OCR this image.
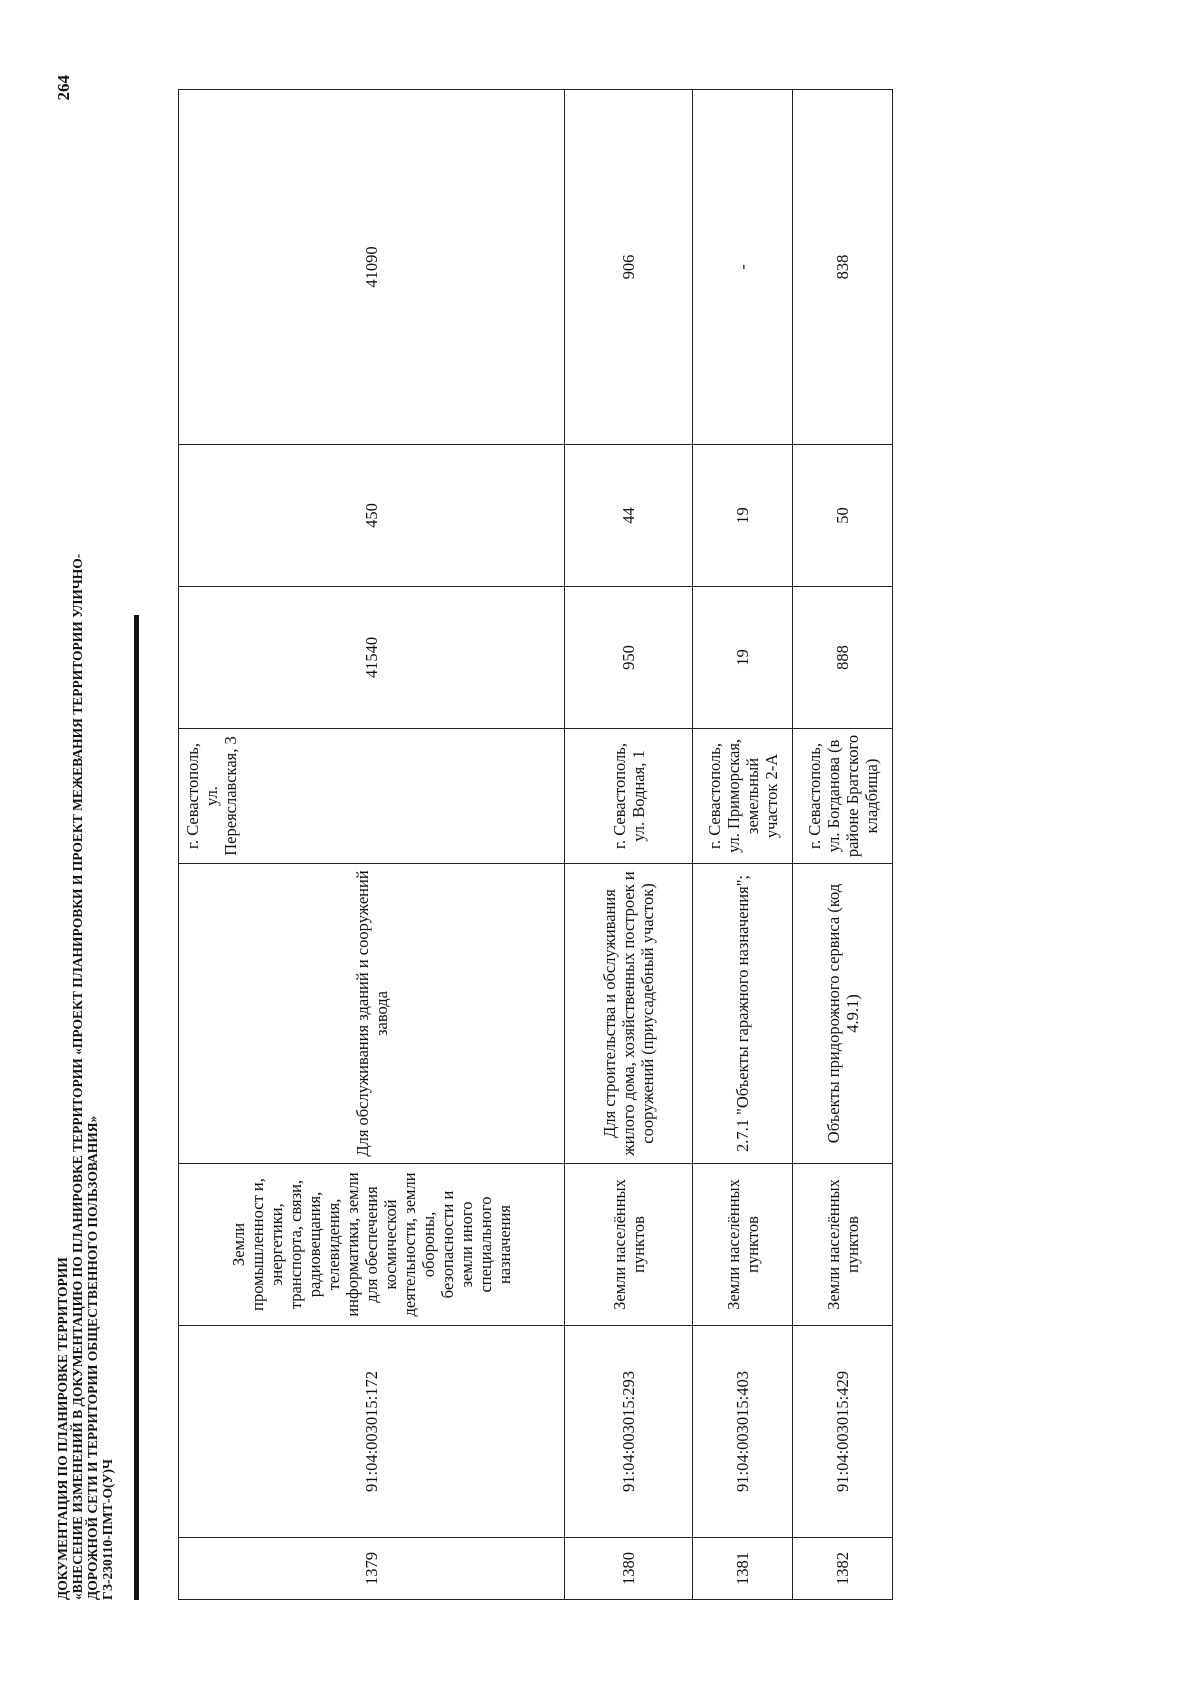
ДОКУМЕНТАЦИЯ ПО ПЛАНИРОВКЕ ТЕРРИТОРИИ «ВНЕСЕНИЕ ИЗМЕНЕНИЙ В ДОКУМЕНТАЦИЮ ПО ПЛАНИРОВКЕ ТЕРРИТОРИИ «ПРОЕКТ ПЛАНИРОВКИ И ПРОЕКТ МЕЖЕВАНИЯ ТЕРРИТОРИИ УЛИЧНО- ДОРОЖНОЙ СЕТИ И ТЕРРИТОРИИ ОБЩЕСТВЕННОГО ПОЛЬЗОВАНИЯ» ГЗ-230110-ПМТ-О(У)Ч
264
1379	91:04:003015:172	Земли промышленност и, энергетики, транспорта, связи, радиовещания, телевидения, информатики, земли для обеспечения космической деятельности, земли обороны, безопасности и земли иного специального назначения	Для обслуживания зданий и сооружений завода	г. Севастополь, ул. Переяславская, 3	41540	450	41090
1380	91:04:003015:293	Земли населённых пунктов	Для строительства и обслуживания жилого дома, хозяйственных построек и сооружений (приусадебный участок)	г. Севастополь, ул. Водная, 1	950	44	906
1381	91:04:003015:403	Земли населённых пунктов	2.7.1 "Объекты гаражного назначения";	г. Севастополь, ул. Приморская, земельный участок 2-А	19	19	-
1382	91:04:003015:429	Земли населённых пунктов	Объекты придорожного сервиса (код 4.9.1)	г. Севастополь, ул. Богданова (в районе Братского кладбища)	888	50	838
